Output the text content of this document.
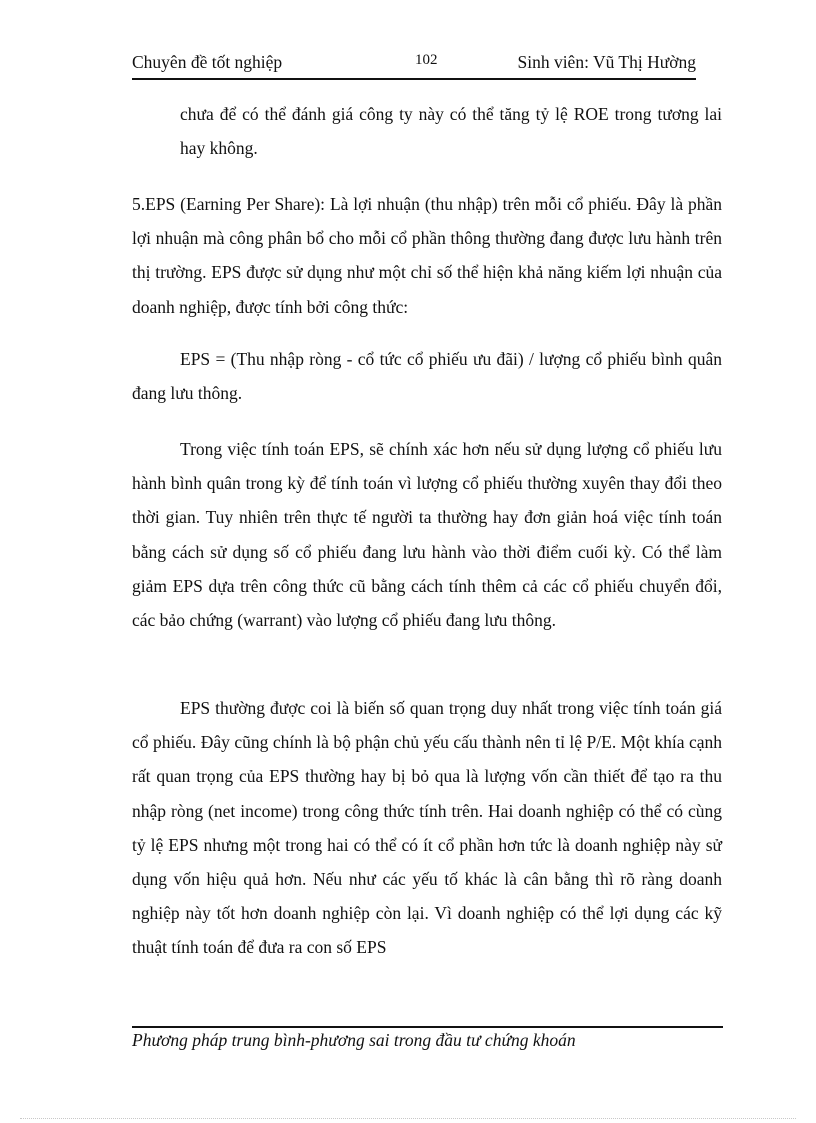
Chuyên đề tốt nghiệp	102	Sinh viên: Vũ Thị Hường

chưa để có thể đánh giá công ty này có thể tăng tỷ lệ ROE trong tương lai hay không.

5.EPS (Earning Per Share): Là lợi nhuận (thu nhập) trên mỗi cổ phiếu. Đây là phần lợi nhuận mà công phân bổ cho mỗi cổ phần thông thường đang được lưu hành trên thị trường. EPS được sử dụng như một chỉ số thể hiện khả năng kiếm lợi nhuận của doanh nghiệp, được tính bởi công thức:

EPS = (Thu nhập ròng - cổ tức cổ phiếu ưu đãi) / lượng cổ phiếu bình quân đang lưu thông.

Trong việc tính toán EPS, sẽ chính xác hơn nếu sử dụng lượng cổ phiếu lưu hành bình quân trong kỳ để tính toán vì lượng cổ phiếu thường xuyên thay đổi theo thời gian. Tuy nhiên trên thực tế người ta thường hay đơn giản hoá việc tính toán bằng cách sử dụng số cổ phiếu đang lưu hành vào thời điểm cuối kỳ. Có thể làm giảm EPS dựa trên công thức cũ bằng cách tính thêm cả các cổ phiếu chuyển đổi, các bảo chứng (warrant) vào lượng cổ phiếu đang lưu thông.

EPS thường được coi là biến số quan trọng duy nhất trong việc tính toán giá cổ phiếu. Đây cũng chính là bộ phận chủ yếu cấu thành nên tỉ lệ P/E. Một khía cạnh rất quan trọng của EPS thường hay bị bỏ qua là lượng vốn cần thiết để tạo ra thu nhập ròng (net income) trong công thức tính trên. Hai doanh nghiệp có thể có cùng tỷ lệ EPS nhưng một trong hai có thể có ít cổ phần hơn tức là doanh nghiệp này sử dụng vốn hiệu quả hơn. Nếu như các yếu tố khác là cân bằng thì rõ ràng doanh nghiệp này tốt hơn doanh nghiệp còn lại. Vì doanh nghiệp có thể lợi dụng các kỹ thuật tính toán để đưa ra con số EPS

Phương pháp trung bình-phương sai trong đầu tư chứng khoán
